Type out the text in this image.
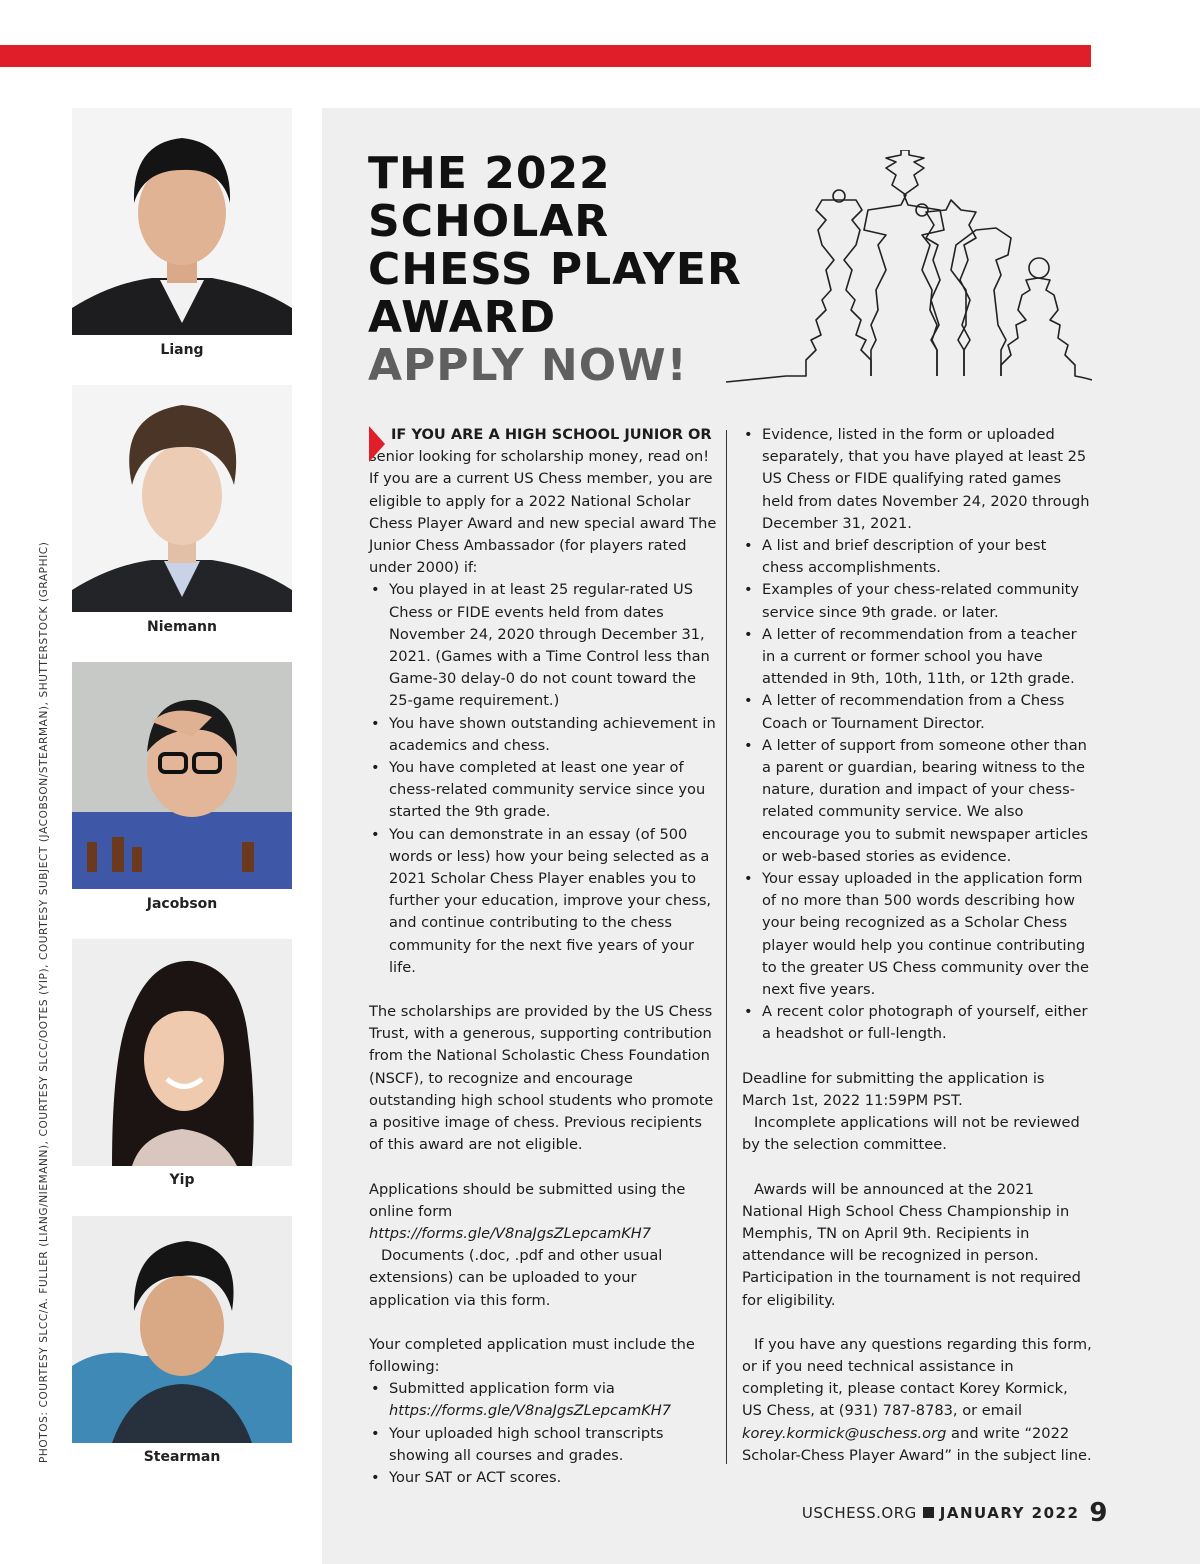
PHOTOS: COURTESY SLCC/A. FULLER (LIANG/NIEMANN), COURTESY SLCC/OOTES (YIP), COURTESY SUBJECT (JACOBSON/STEARMAN), SHUTTERSTOCK (GRAPHIC)
Liang
Niemann
Jacobson
Yip
Stearman
THE 2022
SCHOLAR
CHESS PLAYER
AWARD
APPLY NOW!

IF YOU ARE A HIGH SCHOOL JUNIOR OR senior looking for scholarship money, read on! If you are a current US Chess member, you are eligible to apply for a 2022 National Scholar Chess Player Award and new special award The Junior Chess Ambassador (for players rated under 2000) if:

• You played in at least 25 regular-rated US Chess or FIDE events held from dates November 24, 2020 through December 31, 2021. (Games with a Time Control less than Game-30 delay-0 do not count toward the 25-game requirement.)
• You have shown outstanding achievement in academics and chess.
• You have completed at least one year of chess-related community service since you started the 9th grade.
• You can demonstrate in an essay (of 500 words or less) how your being selected as a 2021 Scholar Chess Player enables you to further your education, improve your chess, and continue contributing to the chess community for the next five years of your life.

The scholarships are provided by the US Chess Trust, with a generous, supporting contribution from the National Scholastic Chess Foundation (NSCF), to recognize and encourage outstanding high school students who promote a positive image of chess. Previous recipients of this award are not eligible.

Applications should be submitted using the online form https://forms.gle/V8naJgsZLepcamKH7

Documents (.doc, .pdf and other usual extensions) can be uploaded to your application via this form.

Your completed application must include the following:

• Submitted application form via https://forms.gle/V8naJgsZLepcamKH7
• Your uploaded high school transcripts showing all courses and grades.
• Your SAT or ACT scores.
• Evidence, listed in the form or uploaded separately, that you have played at least 25 US Chess or FIDE qualifying rated games held from dates November 24, 2020 through December 31, 2021.
• A list and brief description of your best chess accomplishments.
• Examples of your chess-related community service since 9th grade. or later.
• A letter of recommendation from a teacher in a current or former school you have attended in 9th, 10th, 11th, or 12th grade.
• A letter of recommendation from a Chess Coach or Tournament Director.
• A letter of support from someone other than a parent or guardian, bearing witness to the nature, duration and impact of your chess-related community service. We also encourage you to submit newspaper articles or web-based stories as evidence.
• Your essay uploaded in the application form of no more than 500 words describing how your being recognized as a Scholar Chess player would help you continue contributing to the greater US Chess community over the next five years.
• A recent color photograph of yourself, either a headshot or full-length.

Deadline for submitting the application is March 1st, 2022 11:59PM PST.

Incomplete applications will not be reviewed by the selection committee.

Awards will be announced at the 2021 National High School Chess Championship in Memphis, TN on April 9th. Recipients in attendance will be recognized in person. Participation in the tournament is not required for eligibility.

If you have any questions regarding this form, or if you need technical assistance in completing it, please contact Korey Kormick, US Chess, at (931) 787-8783, or email korey.kormick@uschess.org and write “2022 Scholar-Chess Player Award” in the subject line.

USCHESS.ORG JANUARY 2022 9
